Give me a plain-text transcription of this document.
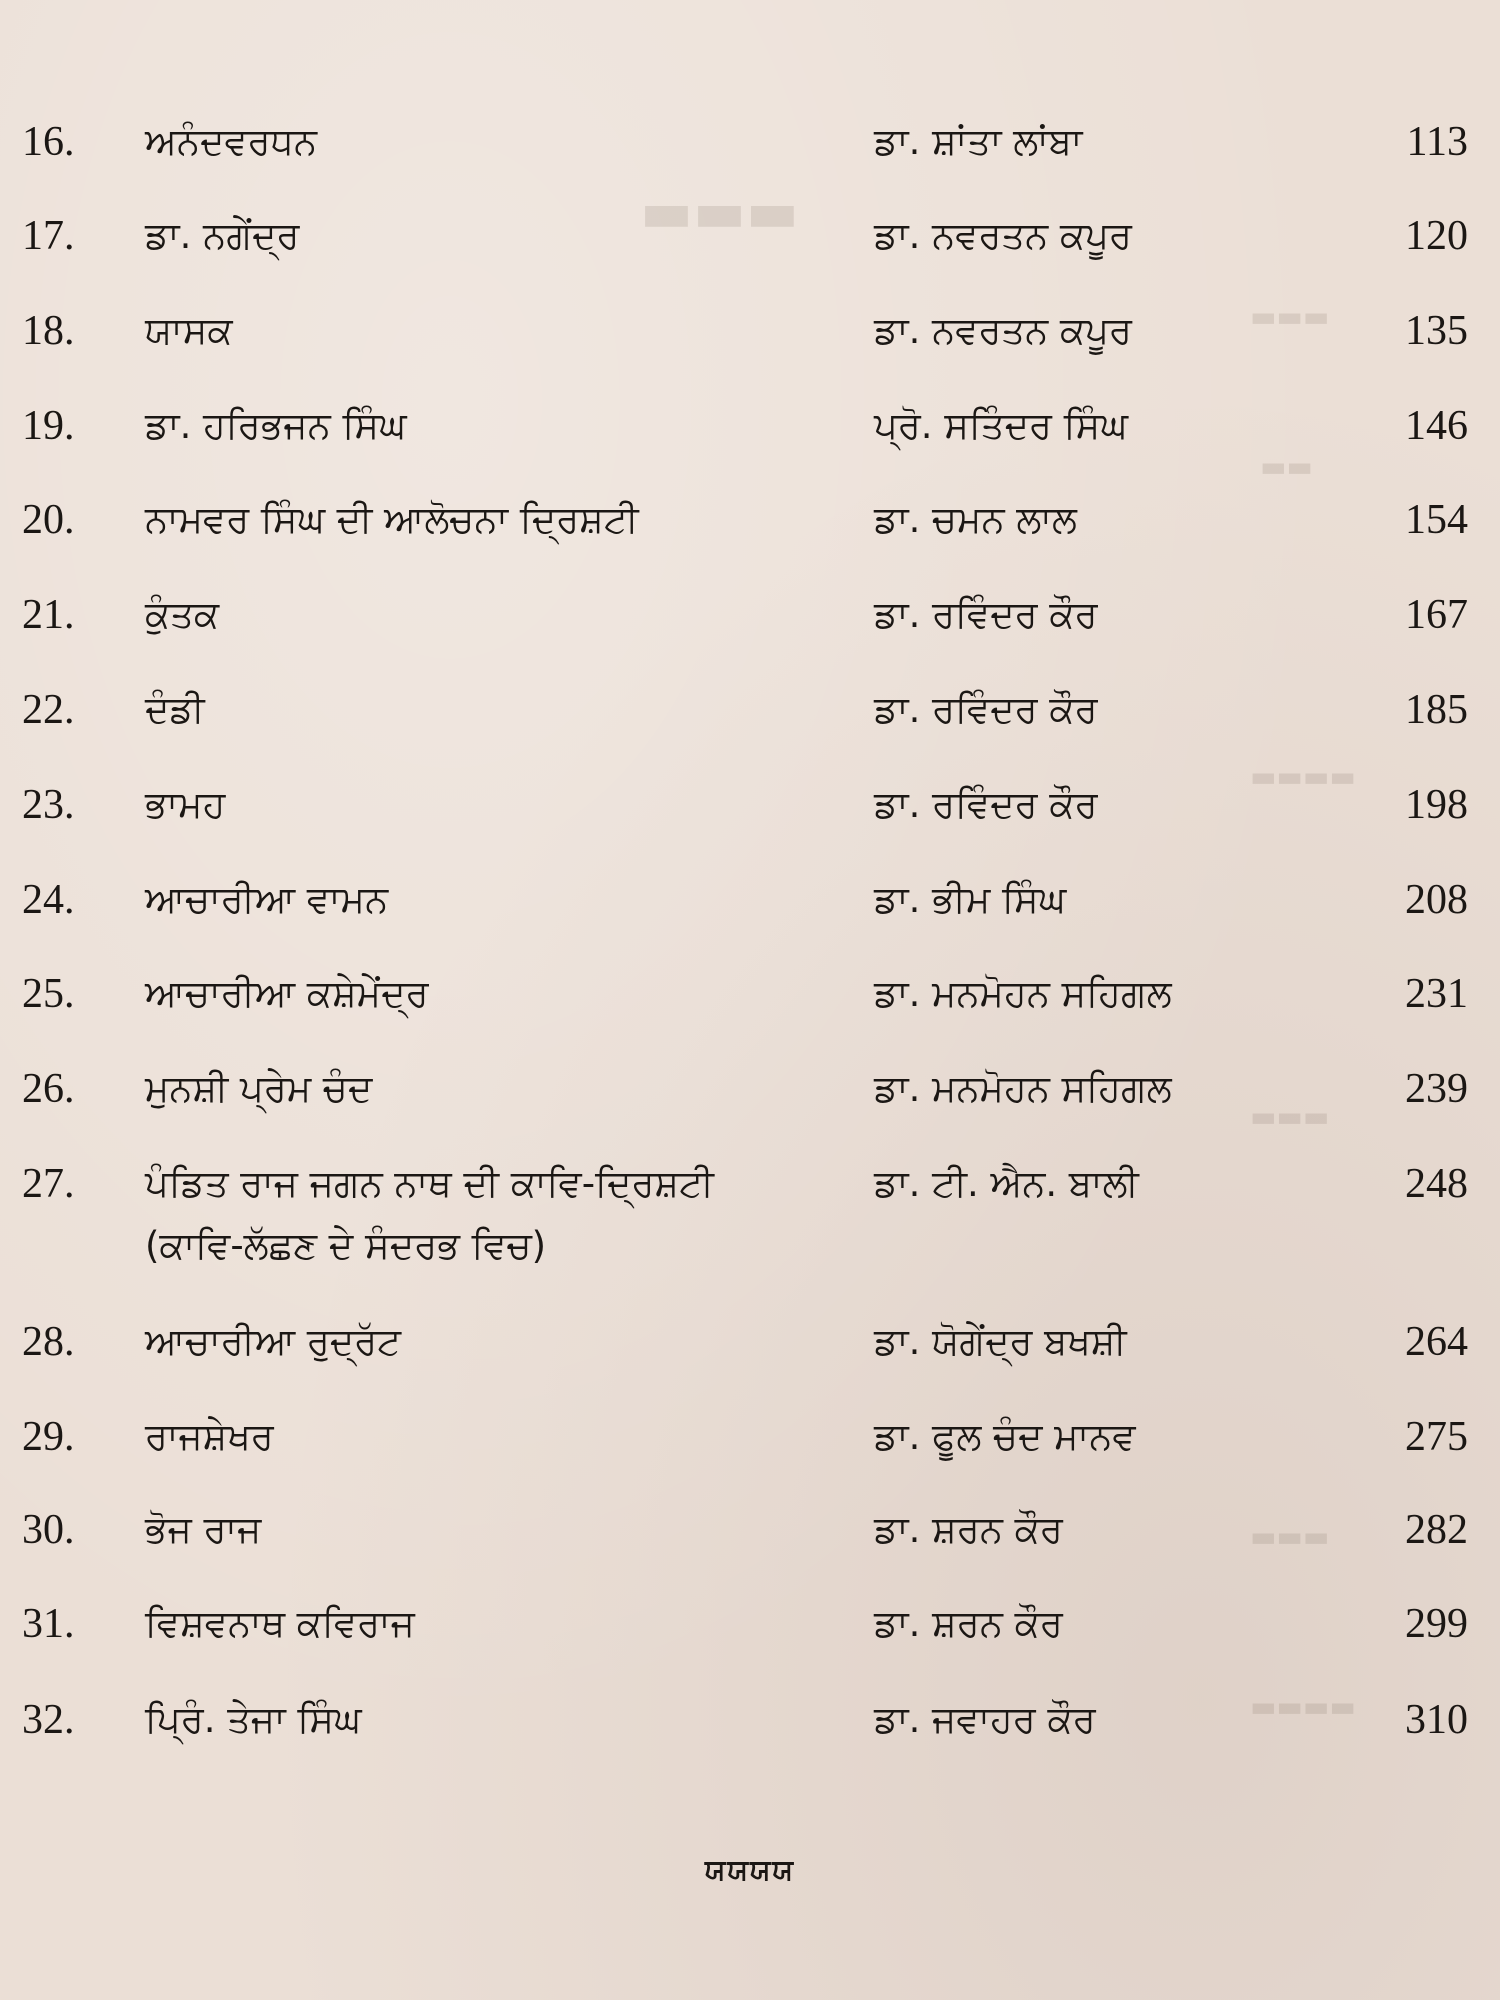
▬▬▬
▬▬▬
▬▬
▬▬▬▬
▬▬▬
▬▬▬
▬▬▬▬
16.	ਅਨੰਦਵਰਧਨ	ਡਾ. ਸ਼ਾਂਤਾ ਲਾਂਬਾ	113
17.	ਡਾ. ਨਗੇਂਦ੍ਰ	ਡਾ. ਨਵਰਤਨ ਕਪੂਰ	120
18.	ਯਾਸਕ	ਡਾ. ਨਵਰਤਨ ਕਪੂਰ	135
19.	ਡਾ. ਹਰਿਭਜਨ ਸਿੰਘ	ਪ੍ਰੋ. ਸਤਿੰਦਰ ਸਿੰਘ	146
20.	ਨਾਮਵਰ ਸਿੰਘ ਦੀ ਆਲੋਚਨਾ ਦ੍ਰਿਸ਼ਟੀ	ਡਾ. ਚਮਨ ਲਾਲ	154
21.	ਕੁੰਤਕ	ਡਾ. ਰਵਿੰਦਰ ਕੌਰ	167
22.	ਦੰਡੀ	ਡਾ. ਰਵਿੰਦਰ ਕੌਰ	185
23.	ਭਾਮਹ	ਡਾ. ਰਵਿੰਦਰ ਕੌਰ	198
24.	ਆਚਾਰੀਆ ਵਾਮਨ	ਡਾ. ਭੀਮ ਸਿੰਘ	208
25.	ਆਚਾਰੀਆ ਕਸ਼ੇਮੇਂਦ੍ਰ	ਡਾ. ਮਨਮੋਹਨ ਸਹਿਗਲ	231
26.	ਮੁਨਸ਼ੀ ਪ੍ਰੇਮ ਚੰਦ	ਡਾ. ਮਨਮੋਹਨ ਸਹਿਗਲ	239
27.	ਪੰਡਿਤ ਰਾਜ ਜਗਨ ਨਾਥ ਦੀ ਕਾਵਿ-ਦ੍ਰਿਸ਼ਟੀ
(ਕਾਵਿ-ਲੱਛਣ ਦੇ ਸੰਦਰਭ ਵਿਚ)
ਡਾ. ਟੀ. ਐਨ. ਬਾਲੀ	248
28.	ਆਚਾਰੀਆ ਰੁਦ੍ਰੱਟ	ਡਾ. ਯੋਗੇਂਦ੍ਰ ਬਖਸ਼ੀ	264
29.	ਰਾਜਸ਼ੇਖਰ	ਡਾ. ਫੂਲ ਚੰਦ ਮਾਨਵ	275
30.	ਭੋਜ ਰਾਜ	ਡਾ. ਸ਼ਰਨ ਕੌਰ	282
31.	ਵਿਸ਼ਵਨਾਥ ਕਵਿਰਾਜ	ਡਾ. ਸ਼ਰਨ ਕੌਰ	299
32.	ਪ੍ਰਿੰ. ਤੇਜਾ ਸਿੰਘ	ਡਾ. ਜਵਾਹਰ ਕੌਰ	310
ਯਯਯਯ
